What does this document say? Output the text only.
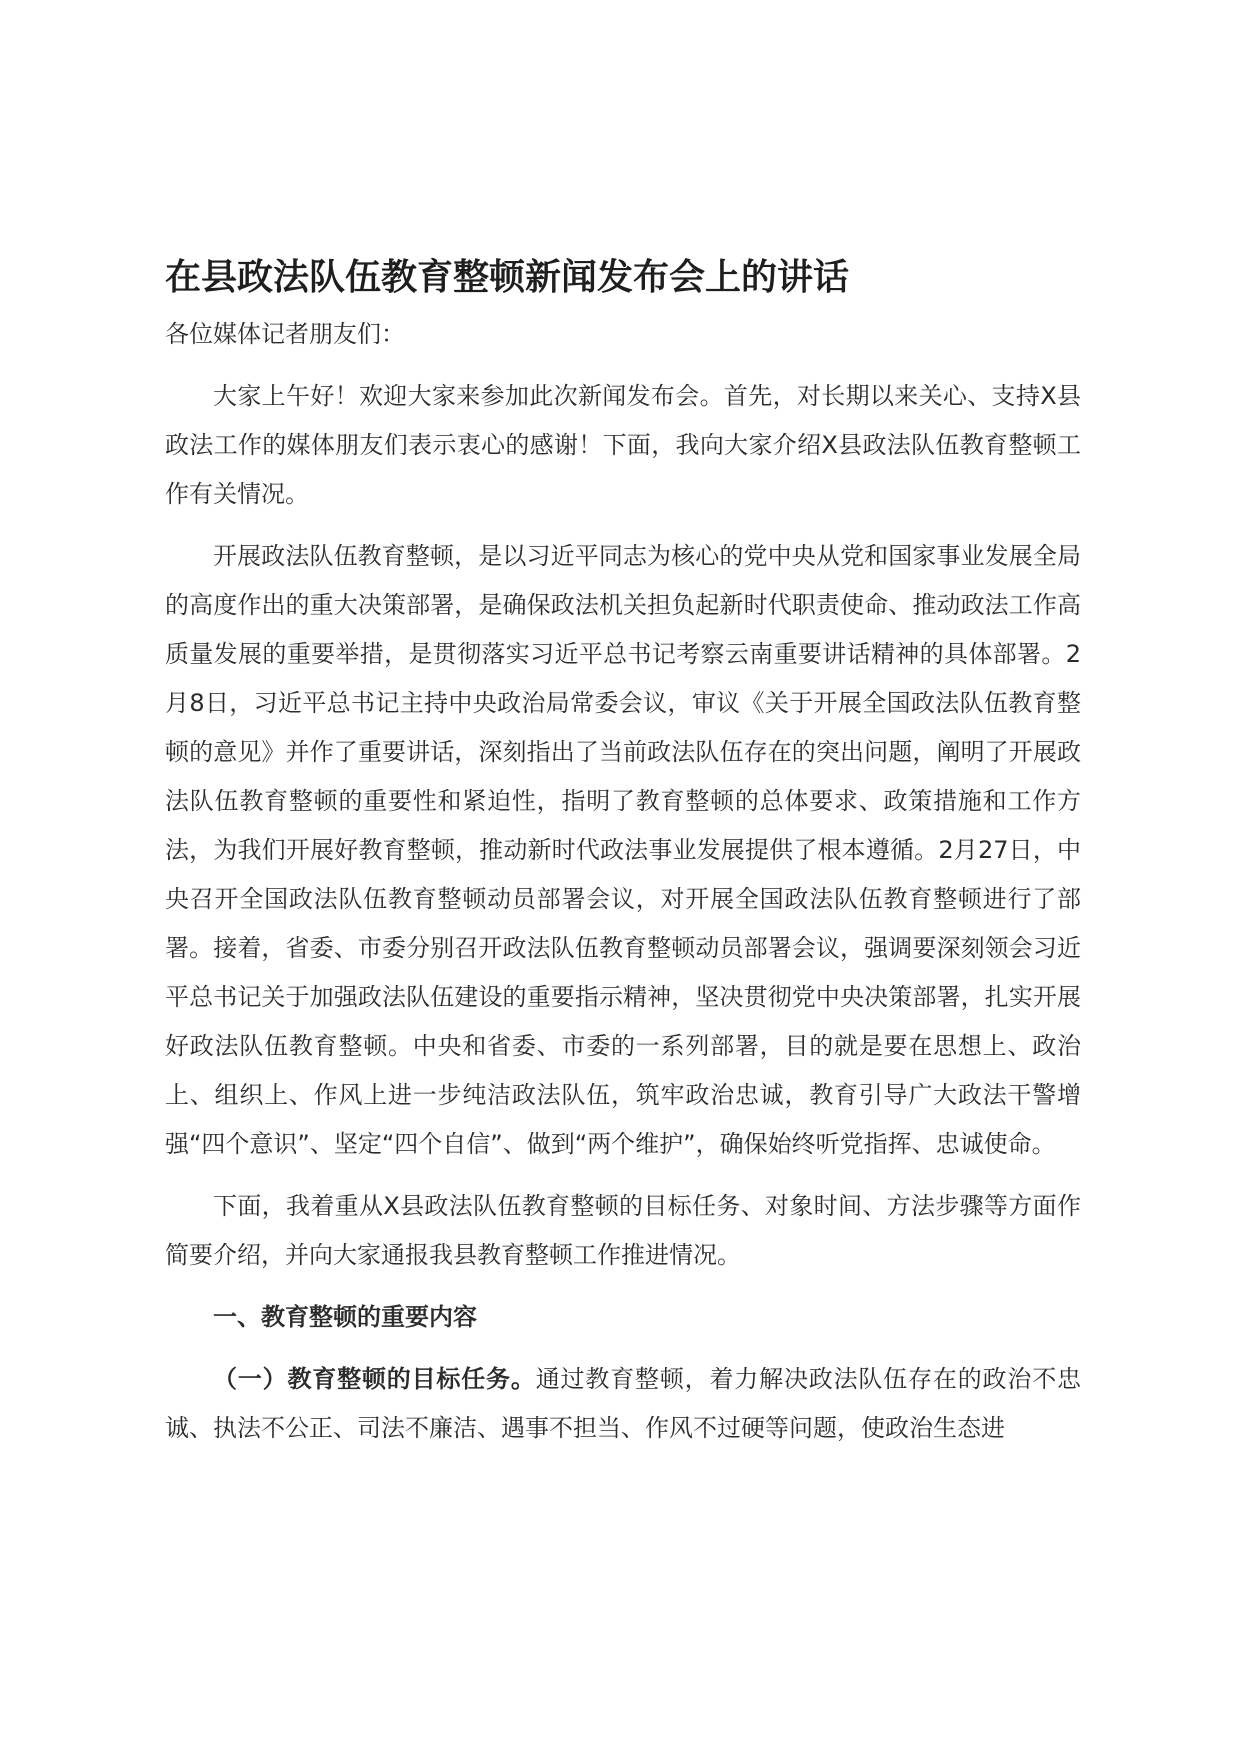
在县政法队伍教育整顿新闻发布会上的讲话

各位媒体记者朋友们：

大家上午好！欢迎大家来参加此次新闻发布会。首先，对长期以来关心、支持X县政法工作的媒体朋友们表示衷心的感谢！下面，我向大家介绍X县政法队伍教育整顿工作有关情况。

开展政法队伍教育整顿，是以习近平同志为核心的党中央从党和国家事业发展全局的高度作出的重大决策部署，是确保政法机关担负起新时代职责使命、推动政法工作高质量发展的重要举措，是贯彻落实习近平总书记考察云南重要讲话精神的具体部署。2月8日，习近平总书记主持中央政治局常委会议，审议《关于开展全国政法队伍教育整顿的意见》并作了重要讲话，深刻指出了当前政法队伍存在的突出问题，阐明了开展政法队伍教育整顿的重要性和紧迫性，指明了教育整顿的总体要求、政策措施和工作方法，为我们开展好教育整顿，推动新时代政法事业发展提供了根本遵循。2月27日，中央召开全国政法队伍教育整顿动员部署会议，对开展全国政法队伍教育整顿进行了部署。接着，省委、市委分别召开政法队伍教育整顿动员部署会议，强调要深刻领会习近平总书记关于加强政法队伍建设的重要指示精神，坚决贯彻党中央决策部署，扎实开展好政法队伍教育整顿。中央和省委、市委的一系列部署，目的就是要在思想上、政治上、组织上、作风上进一步纯洁政法队伍，筑牢政治忠诚，教育引导广大政法干警增强“四个意识”、坚定“四个自信”、做到“两个维护”，确保始终听党指挥、忠诚使命。

下面，我着重从X县政法队伍教育整顿的目标任务、对象时间、方法步骤等方面作简要介绍，并向大家通报我县教育整顿工作推进情况。

一、教育整顿的重要内容

（一）教育整顿的目标任务。通过教育整顿，着力解决政法队伍存在的政治不忠诚、执法不公正、司法不廉洁、遇事不担当、作风不过硬等问题，使政治生态进
